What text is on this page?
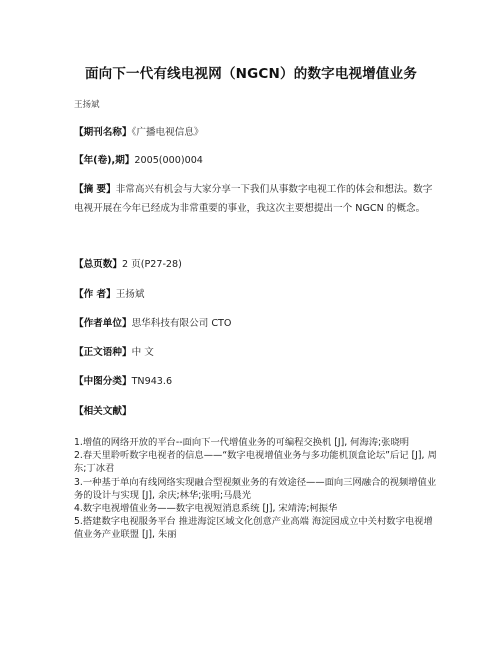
面向下一代有线电视网（NGCN）的数字电视增值业务
王扬斌
【期刊名称】《广播电视信息》
【年(卷),期】2005(000)004
【摘 要】非常高兴有机会与大家分享一下我们从事数字电视工作的体会和想法。数字电视开展在今年已经成为非常重要的事业，我这次主要想提出一个 NGCN 的概念。
【总页数】2 页(P27-28)
【作 者】王扬斌
【作者单位】思华科技有限公司 CTO
【正文语种】中 文
【中图分类】TN943.6
【相关文献】
1.增值的网络开放的平台--面向下一代增值业务的可编程交换机 [J], 何海涛;张晓明
2.春天里聆听数字电视者的信息——“数字电视增值业务与多功能机顶盒论坛”后记 [J], 周东;丁冰君
3.一种基于单向有线网络实现融合型视频业务的有效途径——面向三网融合的视频增值业务的设计与实现 [J], 余庆;林华;张明;马晨光
4.数字电视增值业务——数字电视短消息系统 [J], 宋靖涛;柯振华
5.搭建数字电视服务平台 推进海淀区域文化创意产业高端 海淀园成立中关村数字电视增值业务产业联盟 [J], 朱丽
